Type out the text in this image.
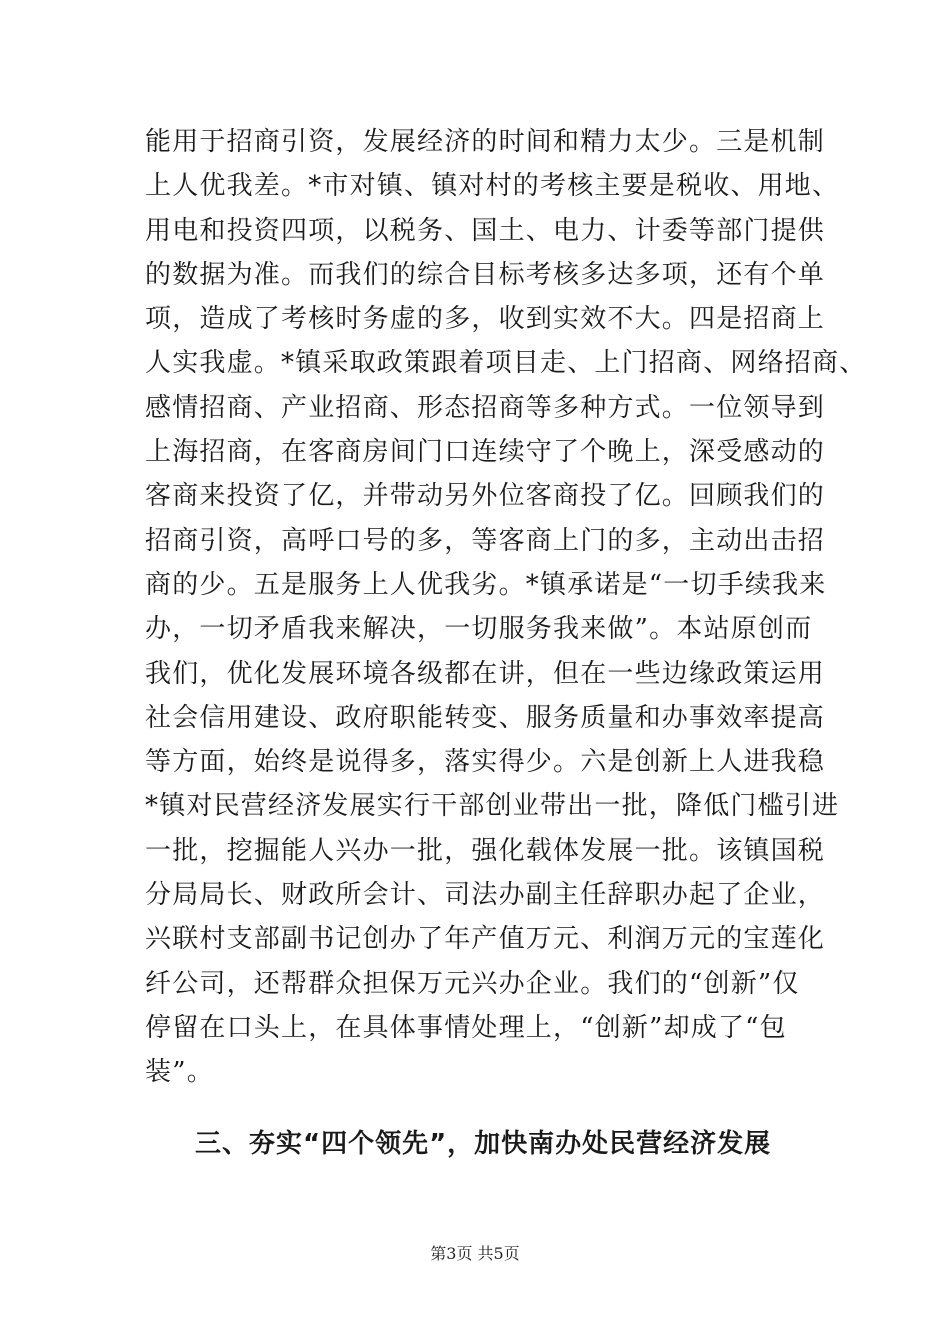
能用于招商引资，发展经济的时间和精力太少。三是机制
上人优我差。*市对镇、镇对村的考核主要是税收、用地、
用电和投资四项，以税务、国土、电力、计委等部门提供
的数据为准。而我们的综合目标考核多达多项，还有个单
项，造成了考核时务虚的多，收到实效不大。四是招商上
人实我虚。*镇采取政策跟着项目走、上门招商、网络招商、
感情招商、产业招商、形态招商等多种方式。一位领导到
上海招商，在客商房间门口连续守了个晚上，深受感动的
客商来投资了亿，并带动另外位客商投了亿。回顾我们的
招商引资，高呼口号的多，等客商上门的多，主动出击招
商的少。五是服务上人优我劣。*镇承诺是“一切手续我来
办，一切矛盾我来解决，一切服务我来做”。本站原创而
我们，优化发展环境各级都在讲，但在一些边缘政策运用
社会信用建设、政府职能转变、服务质量和办事效率提高
等方面，始终是说得多，落实得少。六是创新上人进我稳
*镇对民营经济发展实行干部创业带出一批，降低门槛引进
一批，挖掘能人兴办一批，强化载体发展一批。该镇国税
分局局长、财政所会计、司法办副主任辞职办起了企业，
兴联村支部副书记创办了年产值万元、利润万元的宝莲化
纤公司，还帮群众担保万元兴办企业。我们的“创新”仅
停留在口头上，在具体事情处理上，“创新”却成了“包
装”。
三、夯实“四个领先”，加快南办处民营经济发展
第3页 共5页
